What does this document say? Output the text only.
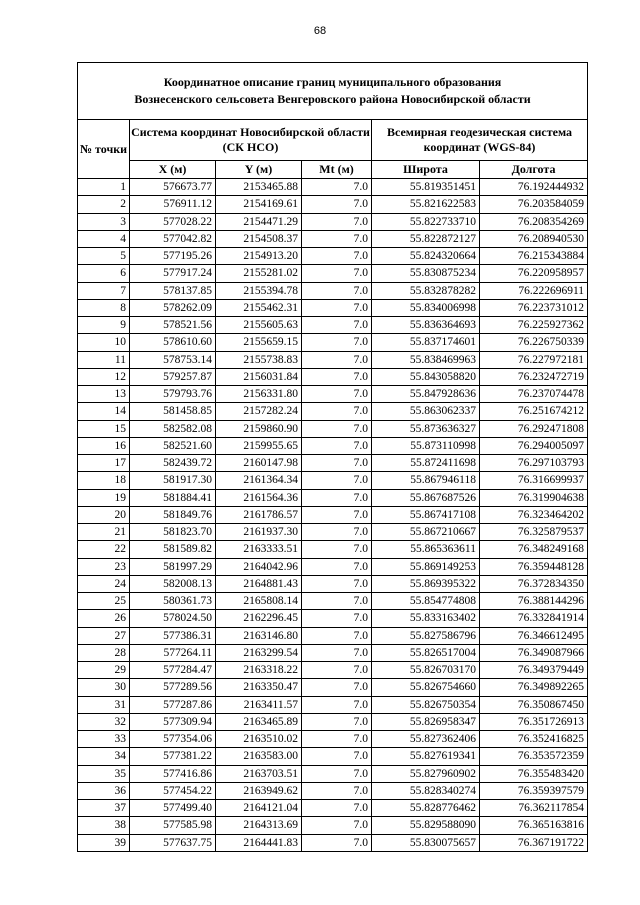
68
Координатное описание границ муниципального образования
Вознесенского сельсовета Венгеровского района Новосибирской области					

№ точки	Система координат Новосибирской области (СК НСО)			Всемирная геодезическая система координат (WGS-84)	
	X (м)	Y (м)	Mt (м)	Широта	Долгота
1	576673.77	2153465.88	7.0	55.819351451	76.192444932
2	576911.12	2154169.61	7.0	55.821622583	76.203584059
3	577028.22	2154471.29	7.0	55.822733710	76.208354269
4	577042.82	2154508.37	7.0	55.822872127	76.208940530
5	577195.26	2154913.20	7.0	55.824320664	76.215343884
6	577917.24	2155281.02	7.0	55.830875234	76.220958957
7	578137.85	2155394.78	7.0	55.832878282	76.222696911
8	578262.09	2155462.31	7.0	55.834006998	76.223731012
9	578521.56	2155605.63	7.0	55.836364693	76.225927362
10	578610.60	2155659.15	7.0	55.837174601	76.226750339
11	578753.14	2155738.83	7.0	55.838469963	76.227972181
12	579257.87	2156031.84	7.0	55.843058820	76.232472719
13	579793.76	2156331.80	7.0	55.847928636	76.237074478
14	581458.85	2157282.24	7.0	55.863062337	76.251674212
15	582582.08	2159860.90	7.0	55.873636327	76.292471808
16	582521.60	2159955.65	7.0	55.873110998	76.294005097
17	582439.72	2160147.98	7.0	55.872411698	76.297103793
18	581917.30	2161364.34	7.0	55.867946118	76.316699937
19	581884.41	2161564.36	7.0	55.867687526	76.319904638
20	581849.76	2161786.57	7.0	55.867417108	76.323464202
21	581823.70	2161937.30	7.0	55.867210667	76.325879537
22	581589.82	2163333.51	7.0	55.865363611	76.348249168
23	581997.29	2164042.96	7.0	55.869149253	76.359448128
24	582008.13	2164881.43	7.0	55.869395322	76.372834350
25	580361.73	2165808.14	7.0	55.854774808	76.388144296
26	578024.50	2162296.45	7.0	55.833163402	76.332841914
27	577386.31	2163146.80	7.0	55.827586796	76.346612495
28	577264.11	2163299.54	7.0	55.826517004	76.349087966
29	577284.47	2163318.22	7.0	55.826703170	76.349379449
30	577289.56	2163350.47	7.0	55.826754660	76.349892265
31	577287.86	2163411.57	7.0	55.826750354	76.350867450
32	577309.94	2163465.89	7.0	55.826958347	76.351726913
33	577354.06	2163510.02	7.0	55.827362406	76.352416825
34	577381.22	2163583.00	7.0	55.827619341	76.353572359
35	577416.86	2163703.51	7.0	55.827960902	76.355483420
36	577454.22	2163949.62	7.0	55.828340274	76.359397579
37	577499.40	2164121.04	7.0	55.828776462	76.362117854
38	577585.98	2164313.69	7.0	55.829588090	76.365163816
39	577637.75	2164441.83	7.0	55.830075657	76.367191722
